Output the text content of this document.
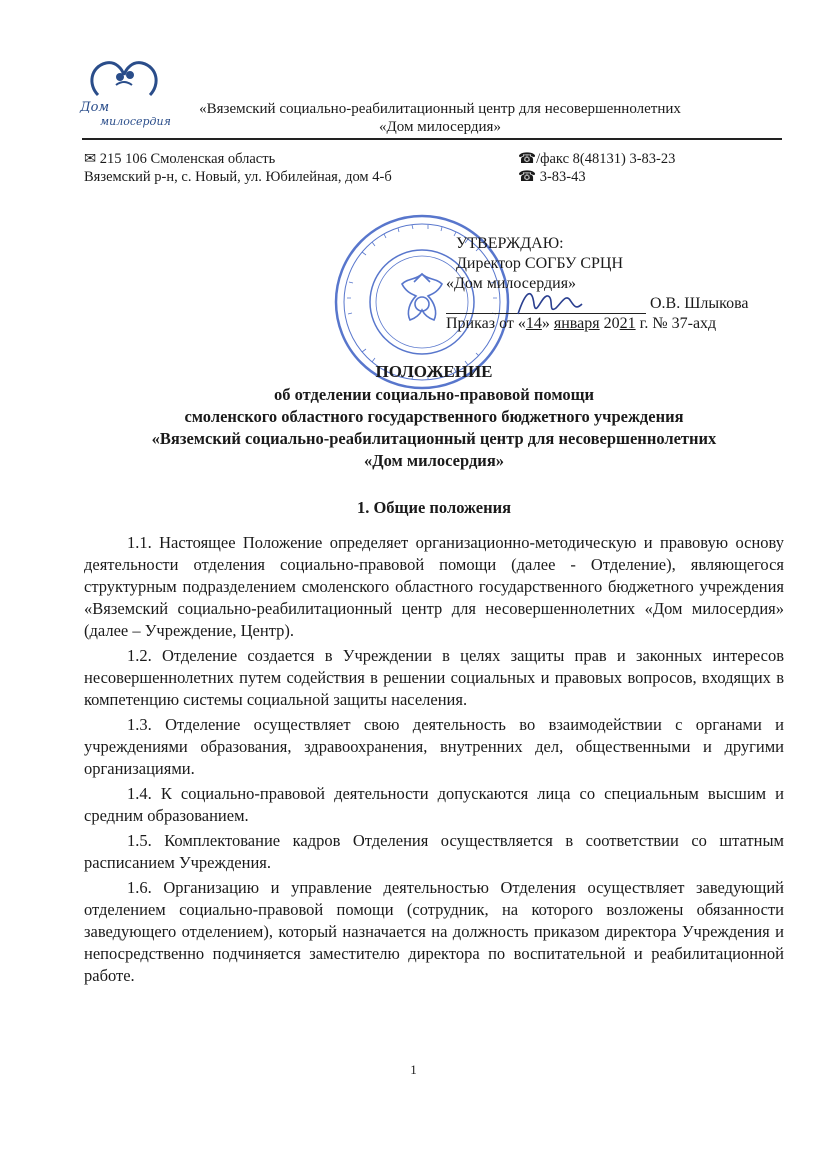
Дом
милосердия
«Вяземский социально-реабилитационный центр для несовершеннолетних
«Дом милосердия»
✉ 215 106 Смоленская область
Вяземский р-н, с. Новый, ул. Юбилейная, дом 4-б
☎/факс 8(48131) 3-83-23
☎ 3-83-43
УТВЕРЖДАЮ:
Директор СОГБУ СРЦН
«Дом милосердия»
О.В. Шлыкова
Приказ от «14» января 2021 г. № 37-ахд
ПОЛОЖЕНИЕ
об отделении социально-правовой помощи
смоленского областного государственного бюджетного учреждения
«Вяземский социально-реабилитационный центр для несовершеннолетних
«Дом милосердия»
1. Общие положения

1.1. Настоящее Положение определяет организационно-методическую и правовую основу деятельности отделения социально-правовой помощи (далее - Отделение), являющегося структурным подразделением смоленского областного государственного бюджетного учреждения «Вяземский социально-реабилитационный центр для несовершеннолетних «Дом милосердия» (далее – Учреждение, Центр).

1.2. Отделение создается в Учреждении в целях защиты прав и законных интересов несовершеннолетних путем содействия в решении социальных и правовых вопросов, входящих в компетенцию системы социальной защиты населения.

1.3. Отделение осуществляет свою деятельность во взаимодействии с органами и учреждениями образования, здравоохранения, внутренних дел, общественными и другими организациями.

1.4. К социально-правовой деятельности допускаются лица со специальным высшим и средним образованием.

1.5. Комплектование кадров Отделения осуществляется в соответствии со штатным расписанием Учреждения.

1.6. Организацию и управление деятельностью Отделения осуществляет заведующий отделением социально-правовой помощи (сотрудник, на которого возложены обязанности заведующего отделением), который назначается на должность приказом директора Учреждения и непосредственно подчиняется заместителю директора по воспитательной и реабилитационной работе.

1
